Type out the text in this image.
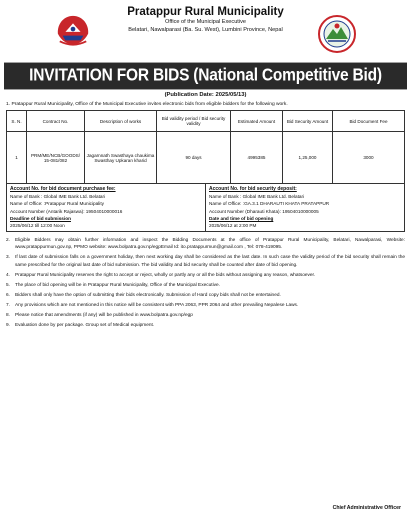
Pratappur Rural Municipality
Office of the Municipal Executive
Belatari, Nawalparasi (Ba. Su. West), Lumbini Province, Nepal
INVITATION FOR BIDS (National Competitive Bid)
(Publication Date: 2025/05/13)
1. Pratappur Rural Municipality, Office of the Municipal Executive invites electronic bids from eligible bidders for the following work.
S. N.	Contract No.	Description of works	Bid validity period / Bid security validity	Estimated Amount	Bid Security Amount	Bid Document Fee
1	PRM/ME/NCB/GOODS/ 15-081/082	Jagarnnath Swasthaya chaukima Swasthay Upkaran kharid	90 days	4995385	1,25,000	3000
Account No. for bid document purchase fee:
Name of Bank : Global IME Bank Ltd. Belatari
Name of Office: :Pratappur Rural Municipality
Account Number (Antarik Rajaswa): 19504010000016
Deadline of bid submission
2025/06/12 till 12:00 Noon
Account No. for bid security deposit:
Name of Bank : Global IME Bank Ltd. Belatari
Name of Office: :GA.3.1 DHARAUTI KHATA PRATAPPUR
Account Number (Dharauti Khata): 19504010000005
Date and time of bid opening
2025/06/12 at 2:00 PM
2.	Eligible Bidders may obtain further information and inspect the Bidding Documents at the office of Pratappur Rural Municipality, Belatari, Nawalparasi, Website: www.pratappurmun.gov.np, PPMO website: www.bolpatra.gov.np/egpEmail Id: ito.pratappurmun@gmail.com , Tel: 078-419095.
3.	If last date of submission falls on a government holiday, then next working day shall be considered as the last date. In such case the validity period of the bid security shall remain the same prescribed for the original last date of bid submission. The bid validity and bid security shall be counted after date of bid opening.
4.	Pratappur Rural Municipality reserves the right to accept or reject, wholly or partly any or all the bids without assigning any reason, whatsoever.
5.	The place of bid opening will be in Pratappur Rural Municipality, Office of the Municipal Executive.
6.	Bidders shall only have the option of submitting their bids electronically. Submission of Hard copy bids shall not be entertained.
7.	Any provisions which are not mentioned in this notice will be consistent with PPA 2063, PPR 2064 and other prevailing Nepalese Laws.
8.	Please notice that amendments (if any) will be published in www.bolpatra.gov.np/egp
9.	Evaluation done by per package. Group set of Medical equipment.
Chief Administrative Officer
